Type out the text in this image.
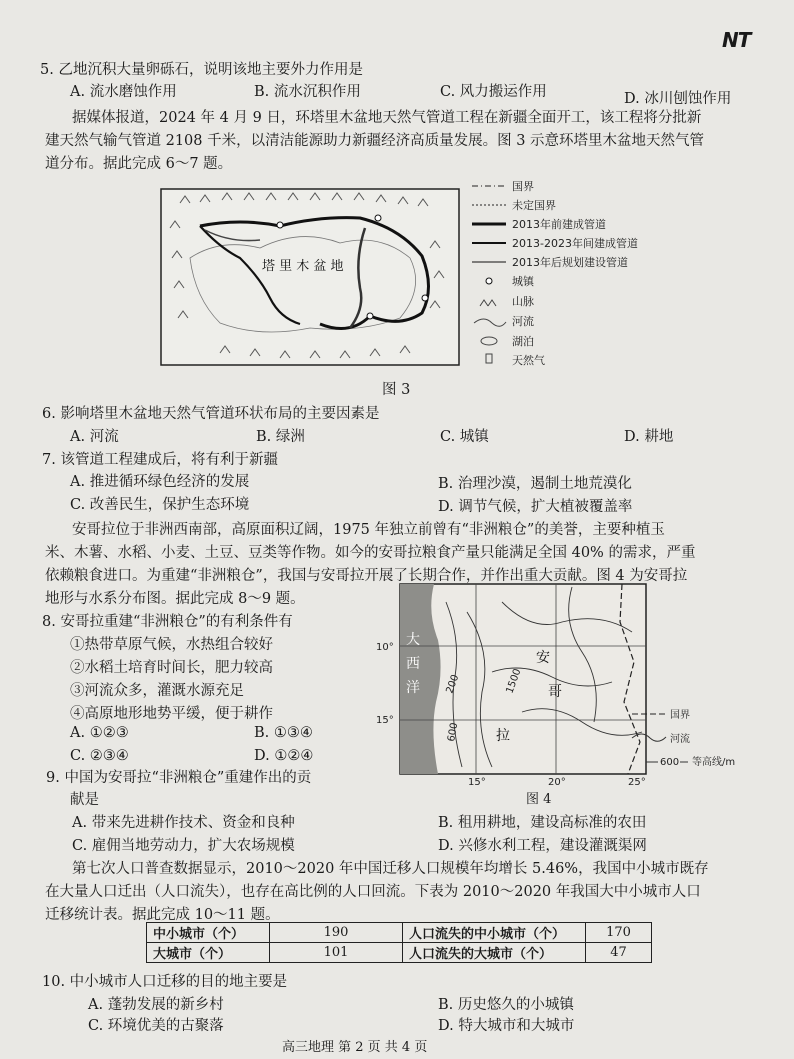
NT
5. 乙地沉积大量卵砾石，说明该地主要外力作用是
A. 流水磨蚀作用	B. 流水沉积作用	C. 风力搬运作用	D. 冰川刨蚀作用
据媒体报道，2024 年 4 月 9 日，环塔里木盆地天然气管道工程在新疆全面开工，该工程将分批新
建天然气输气管道 2108 千米，以清洁能源助力新疆经济高质量发展。图 3 示意环塔里木盆地天然气管
道分布。据此完成 6～7 题。
塔 里 木 盆 地
图 3
国界
未定国界
2013年前建成管道
2013-2023年间建成管道
2013年后规划建设管道
城镇
山脉
河流
湖泊
天然气
6. 影响塔里木盆地天然气管道环状布局的主要因素是
A. 河流	B. 绿洲	C. 城镇	D. 耕地
7. 该管道工程建成后，将有利于新疆
A. 推进循环绿色经济的发展	B. 治理沙漠，遏制土地荒漠化
C. 改善民生，保护生态环境	D. 调节气候，扩大植被覆盖率
安哥拉位于非洲西南部，高原面积辽阔，1975 年独立前曾有“非洲粮仓”的美誉，主要种植玉
米、木薯、水稻、小麦、土豆、豆类等作物。如今的安哥拉粮食产量只能满足全国 40% 的需求，严重
依赖粮食进口。为重建“非洲粮仓”，我国与安哥拉开展了长期合作，并作出重大贡献。图 4 为安哥拉
地形与水系分布图。据此完成 8～9 题。
8. 安哥拉重建“非洲粮仓”的有利条件有
①热带草原气候，水热组合较好
②水稻土培育时间长，肥力较高
③河流众多，灌溉水源充足
④高原地形地势平缓，便于耕作
A. ①②③	B. ①③④
C. ②③④	D. ①②④
大
西
洋
安
哥
拉
200	1500
600
10°
15°
15°	20°	25°
图 4
国界
河流
600 等高线/m
9. 中国为安哥拉“非洲粮仓”重建作出的贡
献是
A. 带来先进耕作技术、资金和良种	B. 租用耕地，建设高标准的农田
C. 雇佣当地劳动力，扩大农场规模	D. 兴修水利工程，建设灌溉渠网
第七次人口普查数据显示，2010～2020 年中国迁移人口规模年均增长 5.46%，我国中小城市既存
在大量人口迁出（人口流失），也存在高比例的人口回流。下表为 2010～2020 年我国大中小城市人口
迁移统计表。据此完成 10～11 题。
中小城市（个）	190	人口流失的中小城市（个）	170
大城市（个）	101	人口流失的大城市（个）	47
10. 中小城市人口迁移的目的地主要是
A. 蓬勃发展的新乡村	B. 历史悠久的小城镇
C. 环境优美的古聚落	D. 特大城市和大城市
高三地理 第 2 页 共 4 页
